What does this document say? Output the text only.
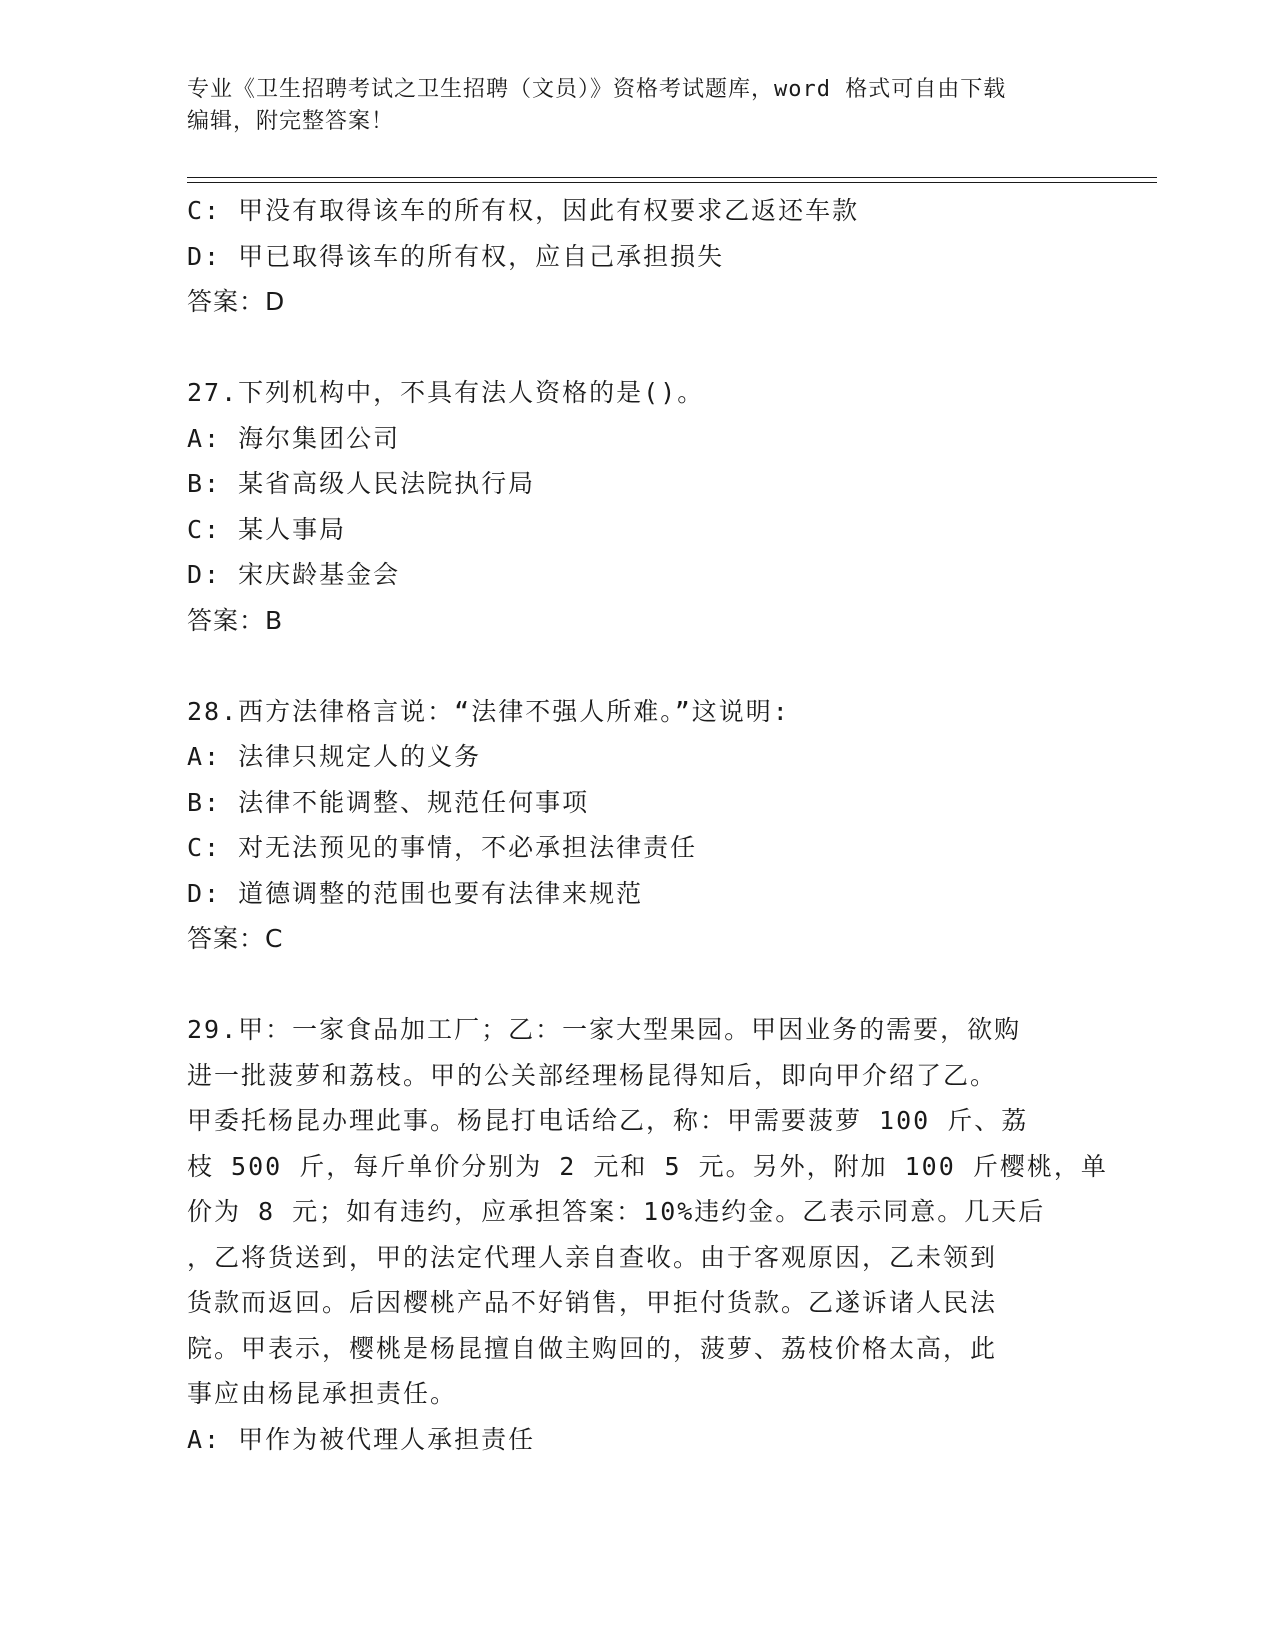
专业《卫生招聘考试之卫生招聘（文员）》资格考试题库，word 格式可自由下载
编辑，附完整答案！
C: 甲没有取得该车的所有权，因此有权要求乙返还车款
D: 甲已取得该车的所有权，应自己承担损失
答案：D
27.下列机构中，不具有法人资格的是()。
A: 海尔集团公司
B: 某省高级人民法院执行局
C: 某人事局
D: 宋庆龄基金会
答案：B
28.西方法律格言说：“法律不强人所难。”这说明:
A: 法律只规定人的义务
B: 法律不能调整、规范任何事项
C: 对无法预见的事情，不必承担法律责任
D: 道德调整的范围也要有法律来规范
答案：C
29.甲：一家食品加工厂；乙：一家大型果园。甲因业务的需要，欲购
进一批菠萝和荔枝。甲的公关部经理杨昆得知后，即向甲介绍了乙。
甲委托杨昆办理此事。杨昆打电话给乙，称：甲需要菠萝 100 斤、荔
枝 500 斤，每斤单价分别为 2 元和 5 元。另外，附加 100 斤樱桃，单
价为 8 元；如有违约，应承担答案：10%违约金。乙表示同意。几天后
，乙将货送到，甲的法定代理人亲自查收。由于客观原因，乙未领到
货款而返回。后因樱桃产品不好销售，甲拒付货款。乙遂诉诸人民法
院。甲表示，樱桃是杨昆擅自做主购回的，菠萝、荔枝价格太高，此
事应由杨昆承担责任。
A: 甲作为被代理人承担责任
